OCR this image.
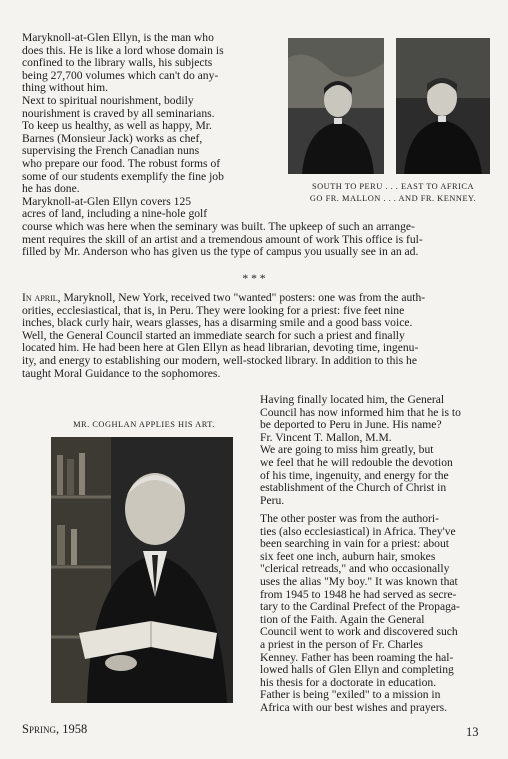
Maryknoll-at-Glen Ellyn, is the man who
does this. He is like a lord whose domain is
confined to the library walls, his subjects
being 27,700 volumes which can't do any-
thing without him.
Next to spiritual nourishment, bodily
nourishment is craved by all seminarians.
To keep us healthy, as well as happy, Mr.
Barnes (Monsieur Jack) works as chef,
supervising the French Canadian nuns
who prepare our food. The robust forms of
some of our students exemplify the fine job
he has done.
Maryknoll-at-Glen Ellyn covers 125
acres of land, including a nine-hole golf
SOUTH TO PERU . . . EAST TO AFRICA
GO FR. MALLON . . . AND FR. KENNEY.
course which was here when the seminary was built. The upkeep of such an arrange-
ment requires the skill of an artist and a tremendous amount of work This office is ful-
filled by Mr. Anderson who has given us the type of campus you usually see in an ad.
* * *
In april, Maryknoll, New York, received two "wanted" posters: one was from the auth-
orities, ecclesiastical, that is, in Peru. They were looking for a priest: five feet nine
inches, black curly hair, wears glasses, has a disarming smile and a good bass voice.
Well, the General Council started an immediate search for such a priest and finally
located him. He had been here at Glen Ellyn as head librarian, devoting time, ingenu-
ity, and energy to establishing our modern, well-stocked library. In addition to this he
taught Moral Guidance to the sophomores.
MR. COGHLAN APPLIES HIS ART.
Having finally located him, the General
Council has now informed him that he is to
be deported to Peru in June. His name?
Fr. Vincent T. Mallon, M.M.
We are going to miss him greatly, but
we feel that he will redouble the devotion
of his time, ingenuity, and energy for the
establishment of the Church of Christ in
Peru.
The other poster was from the authori-
ties (also ecclesiastical) in Africa. They've
been searching in vain for a priest: about
six feet one inch, auburn hair, smokes
"clerical retreads," and who occasionally
uses the alias "My boy." It was known that
from 1945 to 1948 he had served as secre-
tary to the Cardinal Prefect of the Propaga-
tion of the Faith. Again the General
Council went to work and discovered such
a priest in the person of Fr. Charles
Kenney. Father has been roaming the hal-
lowed halls of Glen Ellyn and completing
his thesis for a doctorate in education.
Father is being "exiled" to a mission in
Africa with our best wishes and prayers.
Spring, 1958	13
